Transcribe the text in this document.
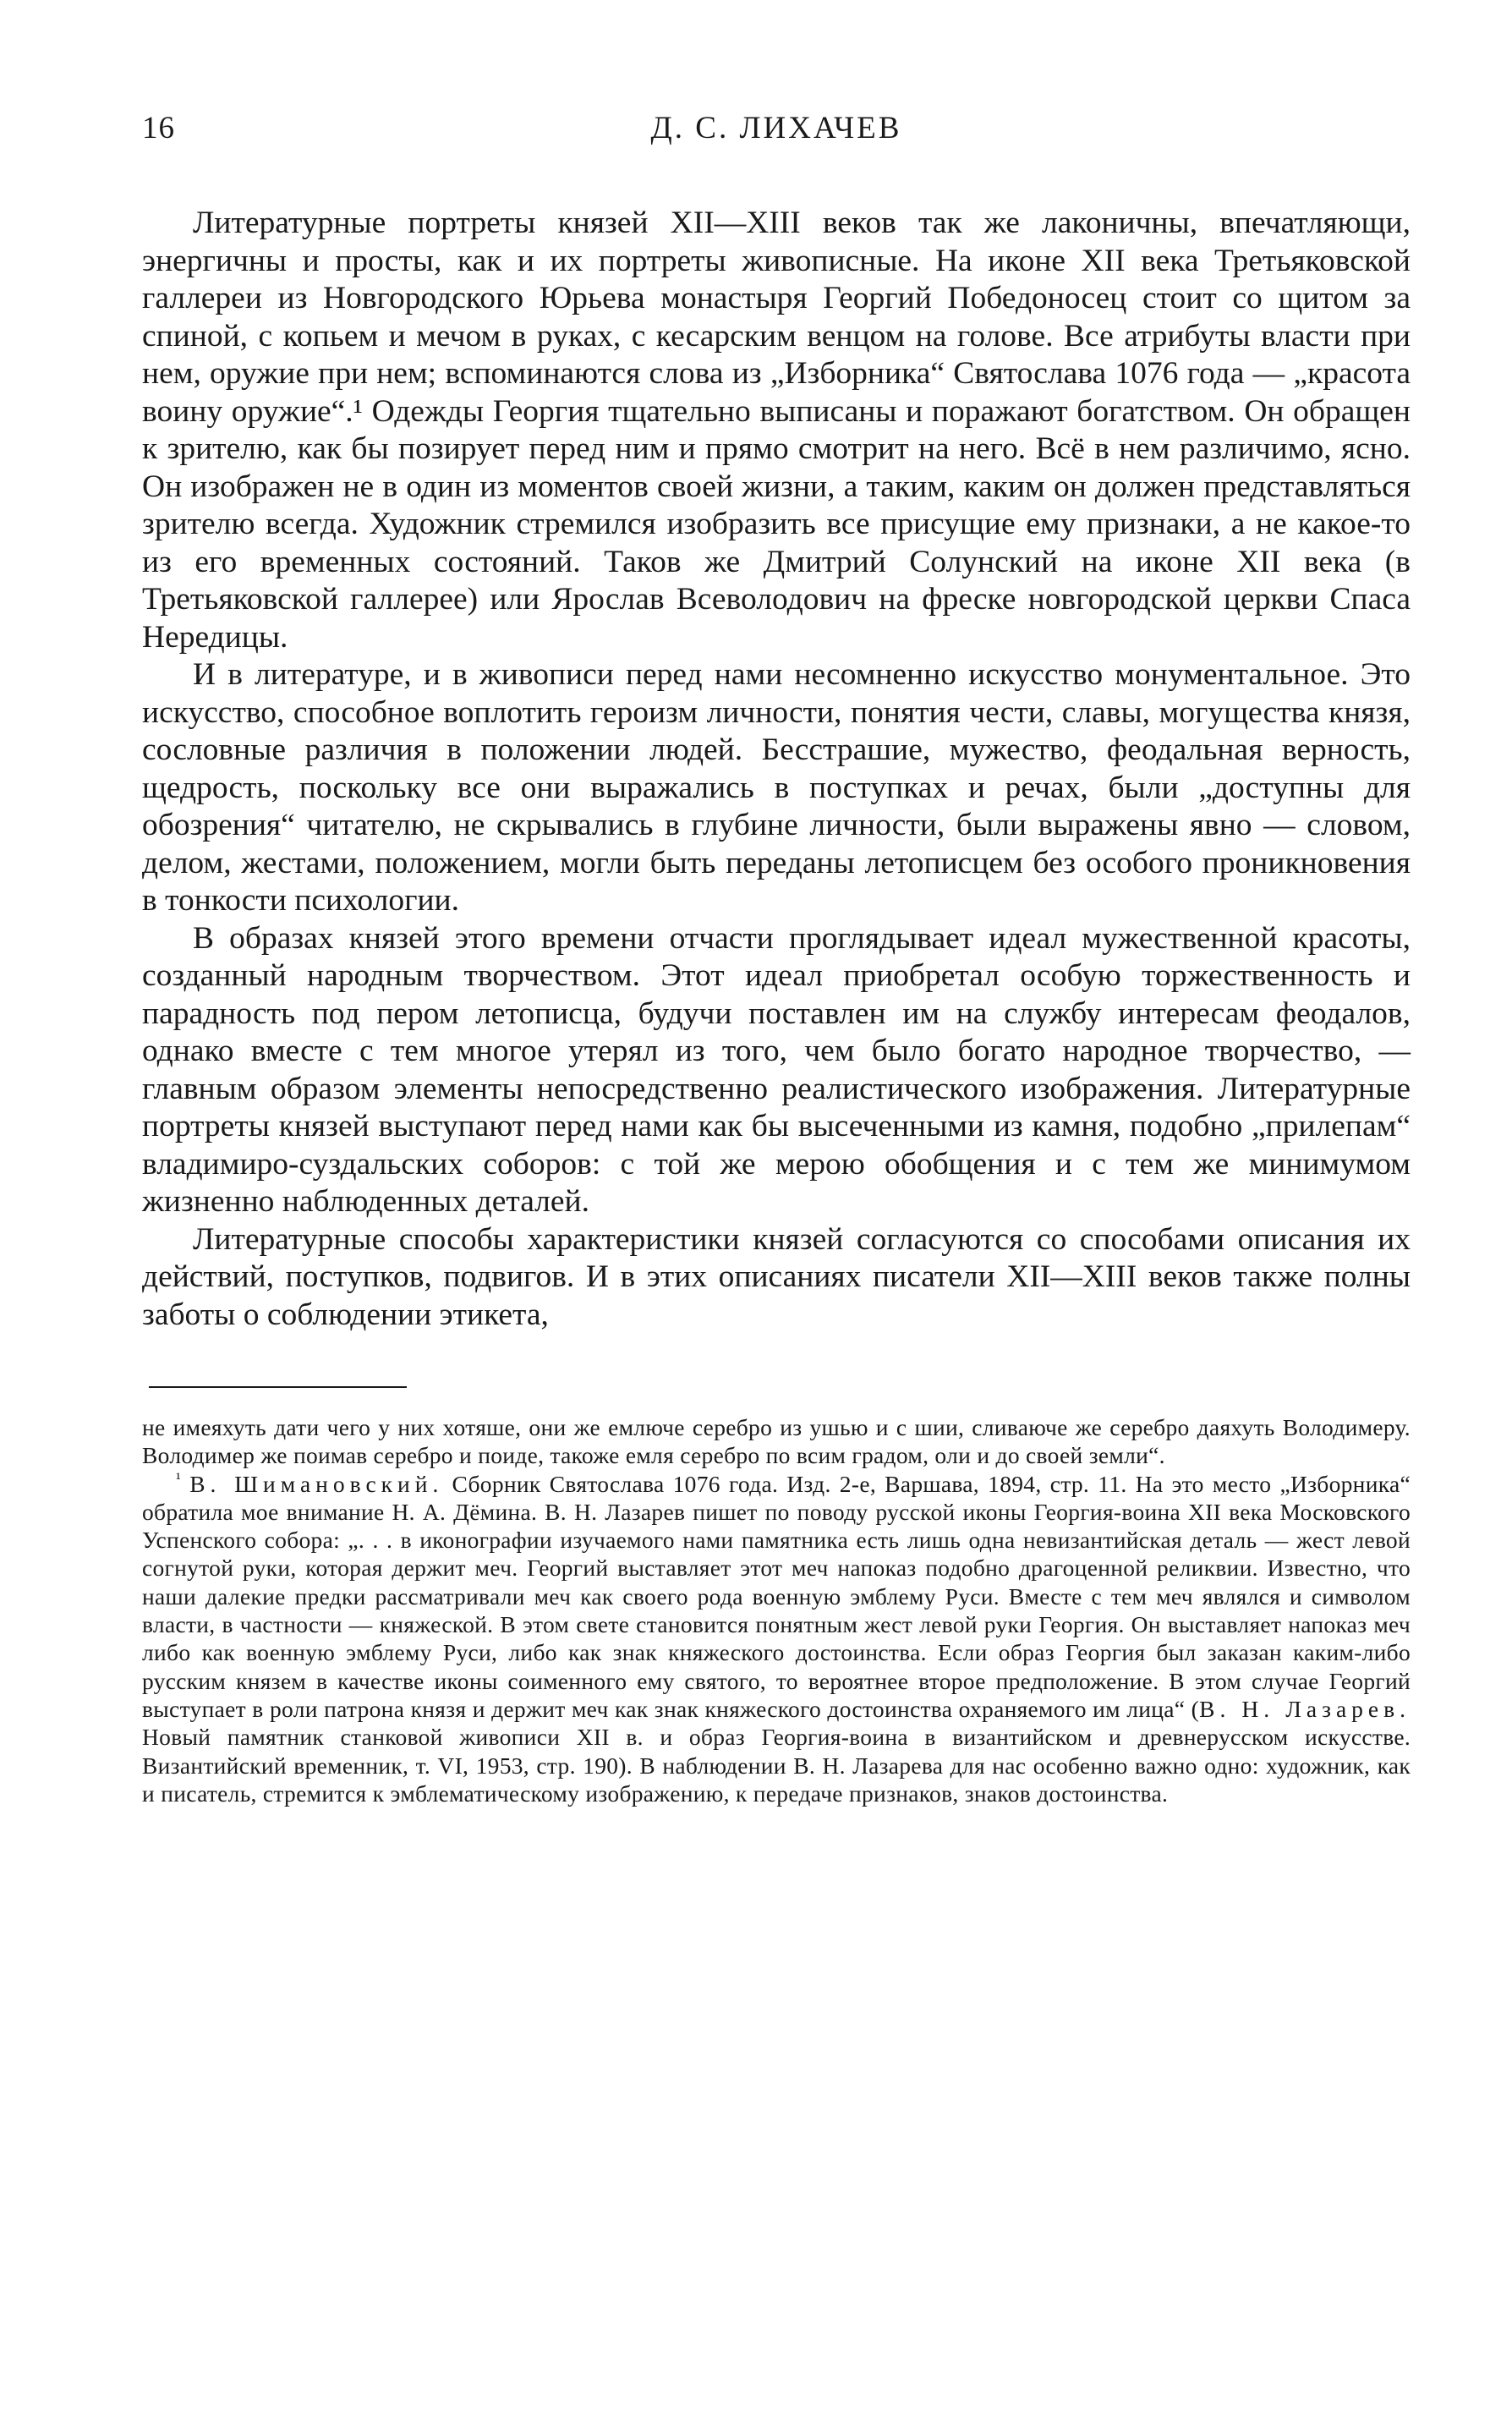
16	Д. С. ЛИХАЧЕВ

Литературные портреты князей XII—XIII веков так же лаконичны, впечатляющи, энергичны и просты, как и их портреты живописные. На иконе XII века Третьяковской галлереи из Новгородского Юрьева монастыря Георгий Победоносец стоит со щитом за спиной, с копьем и мечом в руках, с кесарским венцом на голове. Все атрибуты власти при нем, оружие при нем; вспоминаются слова из „Изборника“ Святослава 1076 года — „красота воину оружие“.¹ Одежды Георгия тщательно выписаны и поражают богатством. Он обращен к зрителю, как бы позирует перед ним и прямо смотрит на него. Всё в нем различимо, ясно. Он изображен не в один из моментов своей жизни, а таким, каким он должен представляться зрителю всегда. Художник стремился изобразить все присущие ему признаки, а не какое-то из его временных состояний. Таков же Дмитрий Солунский на иконе XII века (в Третьяковской галлерее) или Ярослав Всеволодович на фреске новгородской церкви Спаса Нередицы.

И в литературе, и в живописи перед нами несомненно искусство монументальное. Это искусство, способное воплотить героизм личности, понятия чести, славы, могущества князя, сословные различия в положении людей. Бесстрашие, мужество, феодальная верность, щедрость, поскольку все они выражались в поступках и речах, были „доступны для обозрения“ читателю, не скрывались в глубине личности, были выражены явно — словом, делом, жестами, положением, могли быть переданы летописцем без особого проникновения в тонкости психологии.

В образах князей этого времени отчасти проглядывает идеал мужественной красоты, созданный народным творчеством. Этот идеал приобретал особую торжественность и парадность под пером летописца, будучи поставлен им на службу интересам феодалов, однако вместе с тем многое утерял из того, чем было богато народное творчество, — главным образом элементы непосредственно реалистического изображения. Литературные портреты князей выступают перед нами как бы высеченными из камня, подобно „прилепам“ владимиро-суздальских соборов: с той же мерою обобщения и с тем же минимумом жизненно наблюденных деталей.

Литературные способы характеристики князей согласуются со способами описания их действий, поступков, подвигов. И в этих описаниях писатели XII—XIII веков также полны заботы о соблюдении этикета,

не имеяхуть дати чего у них хотяше, они же емлюче серебро из ушью и с шии, сливаюче же серебро даяхуть Володимеру. Володимер же поимав серебро и поиде, такоже емля серебро по всим градом, оли и до своей земли“.

$^{^1}$ В. Шимановский. Сборник Святослава 1076 года. Изд. 2-е, Варшава, 1894, стр. 11. На это место „Изборника“ обратила мое внимание Н. А. Дёмина. В. Н. Лазарев пишет по поводу русской иконы Георгия-воина XII века Московского Успенского собора: „. . . в иконографии изучаемого нами памятника есть лишь одна невизантийская деталь — жест левой согнутой руки, которая держит меч. Георгий выставляет этот меч напоказ подобно драгоценной реликвии. Известно, что наши далекие предки рассматривали меч как своего рода военную эмблему Руси. Вместе с тем меч являлся и символом власти, в частности — княжеской. В этом свете становится понятным жест левой руки Георгия. Он выставляет напоказ меч либо как военную эмблему Руси, либо как знак княжеского достоинства. Если образ Георгия был заказан каким-либо русским князем в качестве иконы соименного ему святого, то вероятнее второе предположение. В этом случае Георгий выступает в роли патрона князя и держит меч как знак княжеского достоинства охраняемого им лица“ (В. Н. Лазарев. Новый памятник станковой живописи XII в. и образ Георгия-воина в византийском и древнерусском искусстве. Византийский временник, т. VI, 1953, стр. 190). В наблюдении В. Н. Лазарева для нас особенно важно одно: художник, как и писатель, стремится к эмблематическому изображению, к передаче признаков, знаков достоинства.
